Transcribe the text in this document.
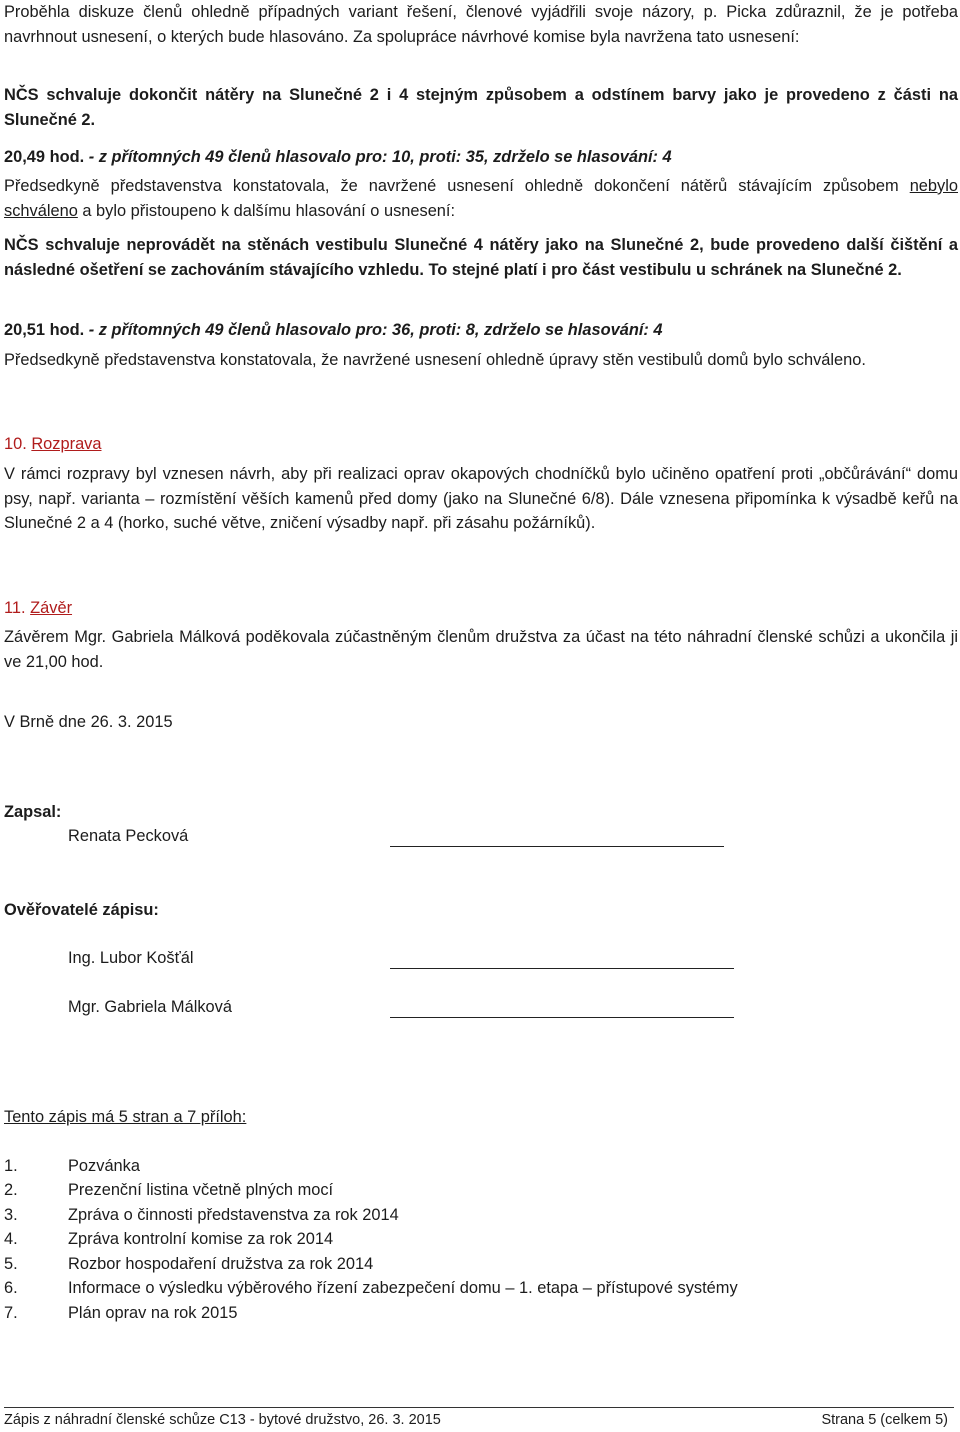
Proběhla diskuze členů ohledně případných variant řešení, členové vyjádřili svoje názory, p. Picka zdůraznil, že je potřeba navrhnout usnesení, o kterých bude hlasováno. Za spolupráce návrhové komise byla navržena tato usnesení:

NČS schvaluje dokončit nátěry na Slunečné 2 i 4 stejným způsobem a odstínem barvy jako je provedeno z části na Slunečné 2.

20,49 hod. - z přítomných 49 členů hlasovalo pro: 10, proti: 35, zdrželo se hlasování: 4

Předsedkyně představenstva konstatovala, že navržené usnesení ohledně dokončení nátěrů stávajícím způsobem nebylo schváleno a bylo přistoupeno k dalšímu hlasování o usnesení:

NČS schvaluje neprovádět na stěnách vestibulu Slunečné 4 nátěry jako na Slunečné 2, bude provedeno další čištění a následné ošetření se zachováním stávajícího vzhledu. To stejné platí i pro část vestibulu u schránek na Slunečné 2.

20,51 hod. - z přítomných 49 členů hlasovalo pro: 36, proti: 8, zdrželo se hlasování: 4

Předsedkyně představenstva konstatovala, že navržené usnesení ohledně úpravy stěn vestibulů domů bylo schváleno.

10. Rozprava

V rámci rozpravy byl vznesen návrh, aby při realizaci oprav okapových chodníčků bylo učiněno opatření proti „občůrávání“ domu psy, např. varianta – rozmístění věších kamenů před domy (jako na Slunečné 6/8). Dále vznesena připomínka k výsadbě keřů na Slunečné 2 a 4 (horko, suché větve, zničení výsadby např. při zásahu požárníků).

11. Závěr

Závěrem Mgr. Gabriela Málková poděkovala zúčastněným členům družstva za účast na této náhradní členské schůzi a ukončila ji ve 21,00 hod.

V Brně dne 26. 3. 2015

Zapsal:

Renata Pecková

Ověřovatelé zápisu:

Ing. Lubor Košťál
Mgr. Gabriela Málková

Tento zápis má 5 stran a 7 příloh:

1.	Pozvánka
2.	Prezenční listina včetně plných mocí
3.	Zpráva o činnosti představenstva za rok 2014
4.	Zpráva kontrolní komise za rok 2014
5.	Rozbor hospodaření družstva za rok 2014
6.	Informace o výsledku výběrového řízení zabezpečení domu – 1. etapa – přístupové systémy
7.	Plán oprav na rok 2015
Zápis z náhradní členské schůze C13 - bytové družstvo, 26. 3. 2015	Strana 5 (celkem 5)
